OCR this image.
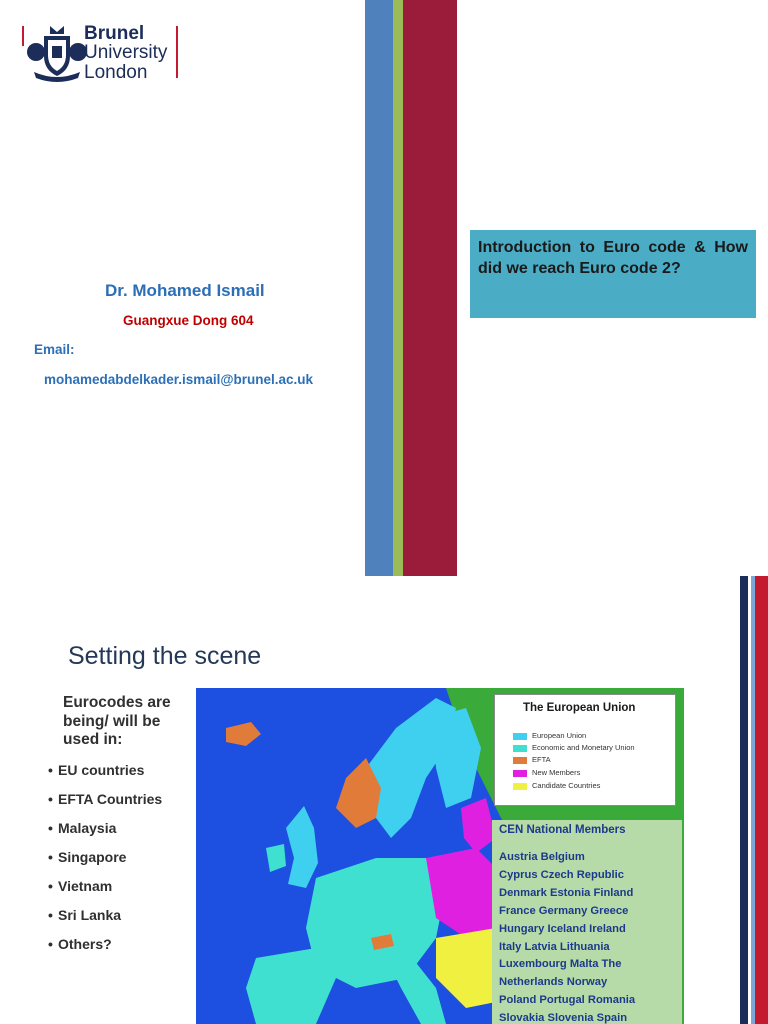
Brunel
University
London
Dr. Mohamed Ismail
Guangxue Dong 604
Email:
mohamedabdelkader.ismail@brunel.ac.uk
Introduction to Euro code & How did we reach Euro code 2?
Setting the scene
Eurocodes are
being/ will be
used in:
• EU countries
• EFTA Countries
• Malaysia
• Singapore
• Vietnam
• Sri Lanka
• Others?
The European Union
European Union
Economic and Monetary Union
EFTA
New Members
Candidate Countries
CEN National Members
Austria Belgium
Cyprus Czech Republic
Denmark Estonia Finland
France Germany Greece
Hungary Iceland Ireland
Italy Latvia Lithuania
Luxembourg Malta The
Netherlands Norway
Poland Portugal Romania
Slovakia Slovenia Spain
